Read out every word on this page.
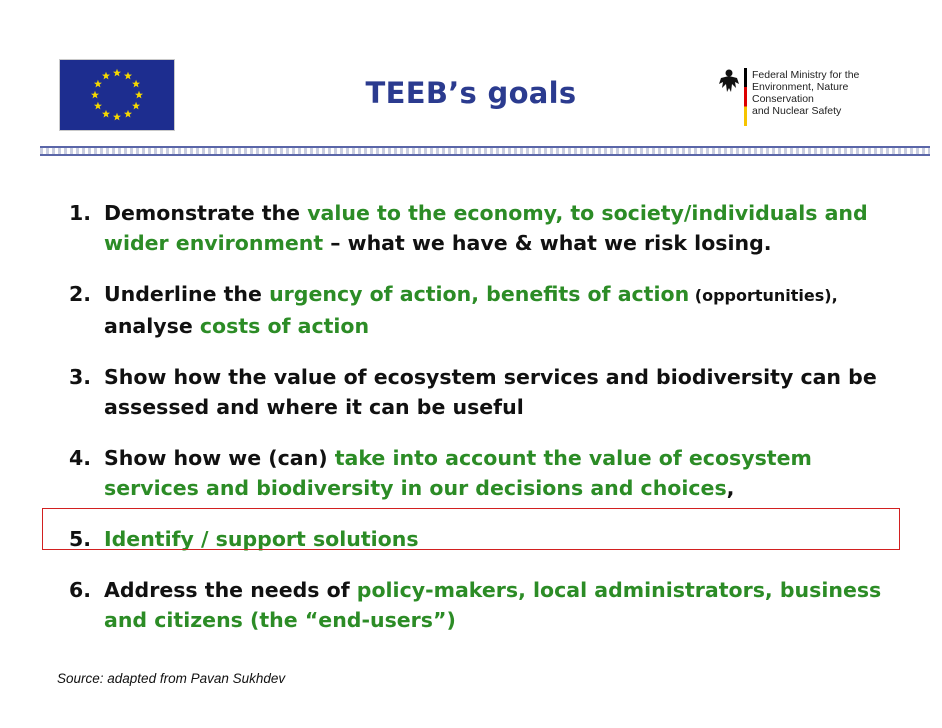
TEEB’s goals
Federal Ministry for the
Environment, Nature Conservation
and Nuclear Safety
1. Demonstrate the value to the economy, to society/individuals and wider environment – what we have & what we risk losing.
2. Underline the urgency of action, benefits of action (opportunities), analyse costs of action
3. Show how the value of ecosystem services and biodiversity can be assessed and where it can be useful
4. Show how we (can) take into account the value of ecosystem services and biodiversity in our decisions and choices,
5. Identify / support solutions
6. Address the needs of policy-makers, local administrators, business and citizens (the “end-users”)
Source: adapted from Pavan Sukhdev
